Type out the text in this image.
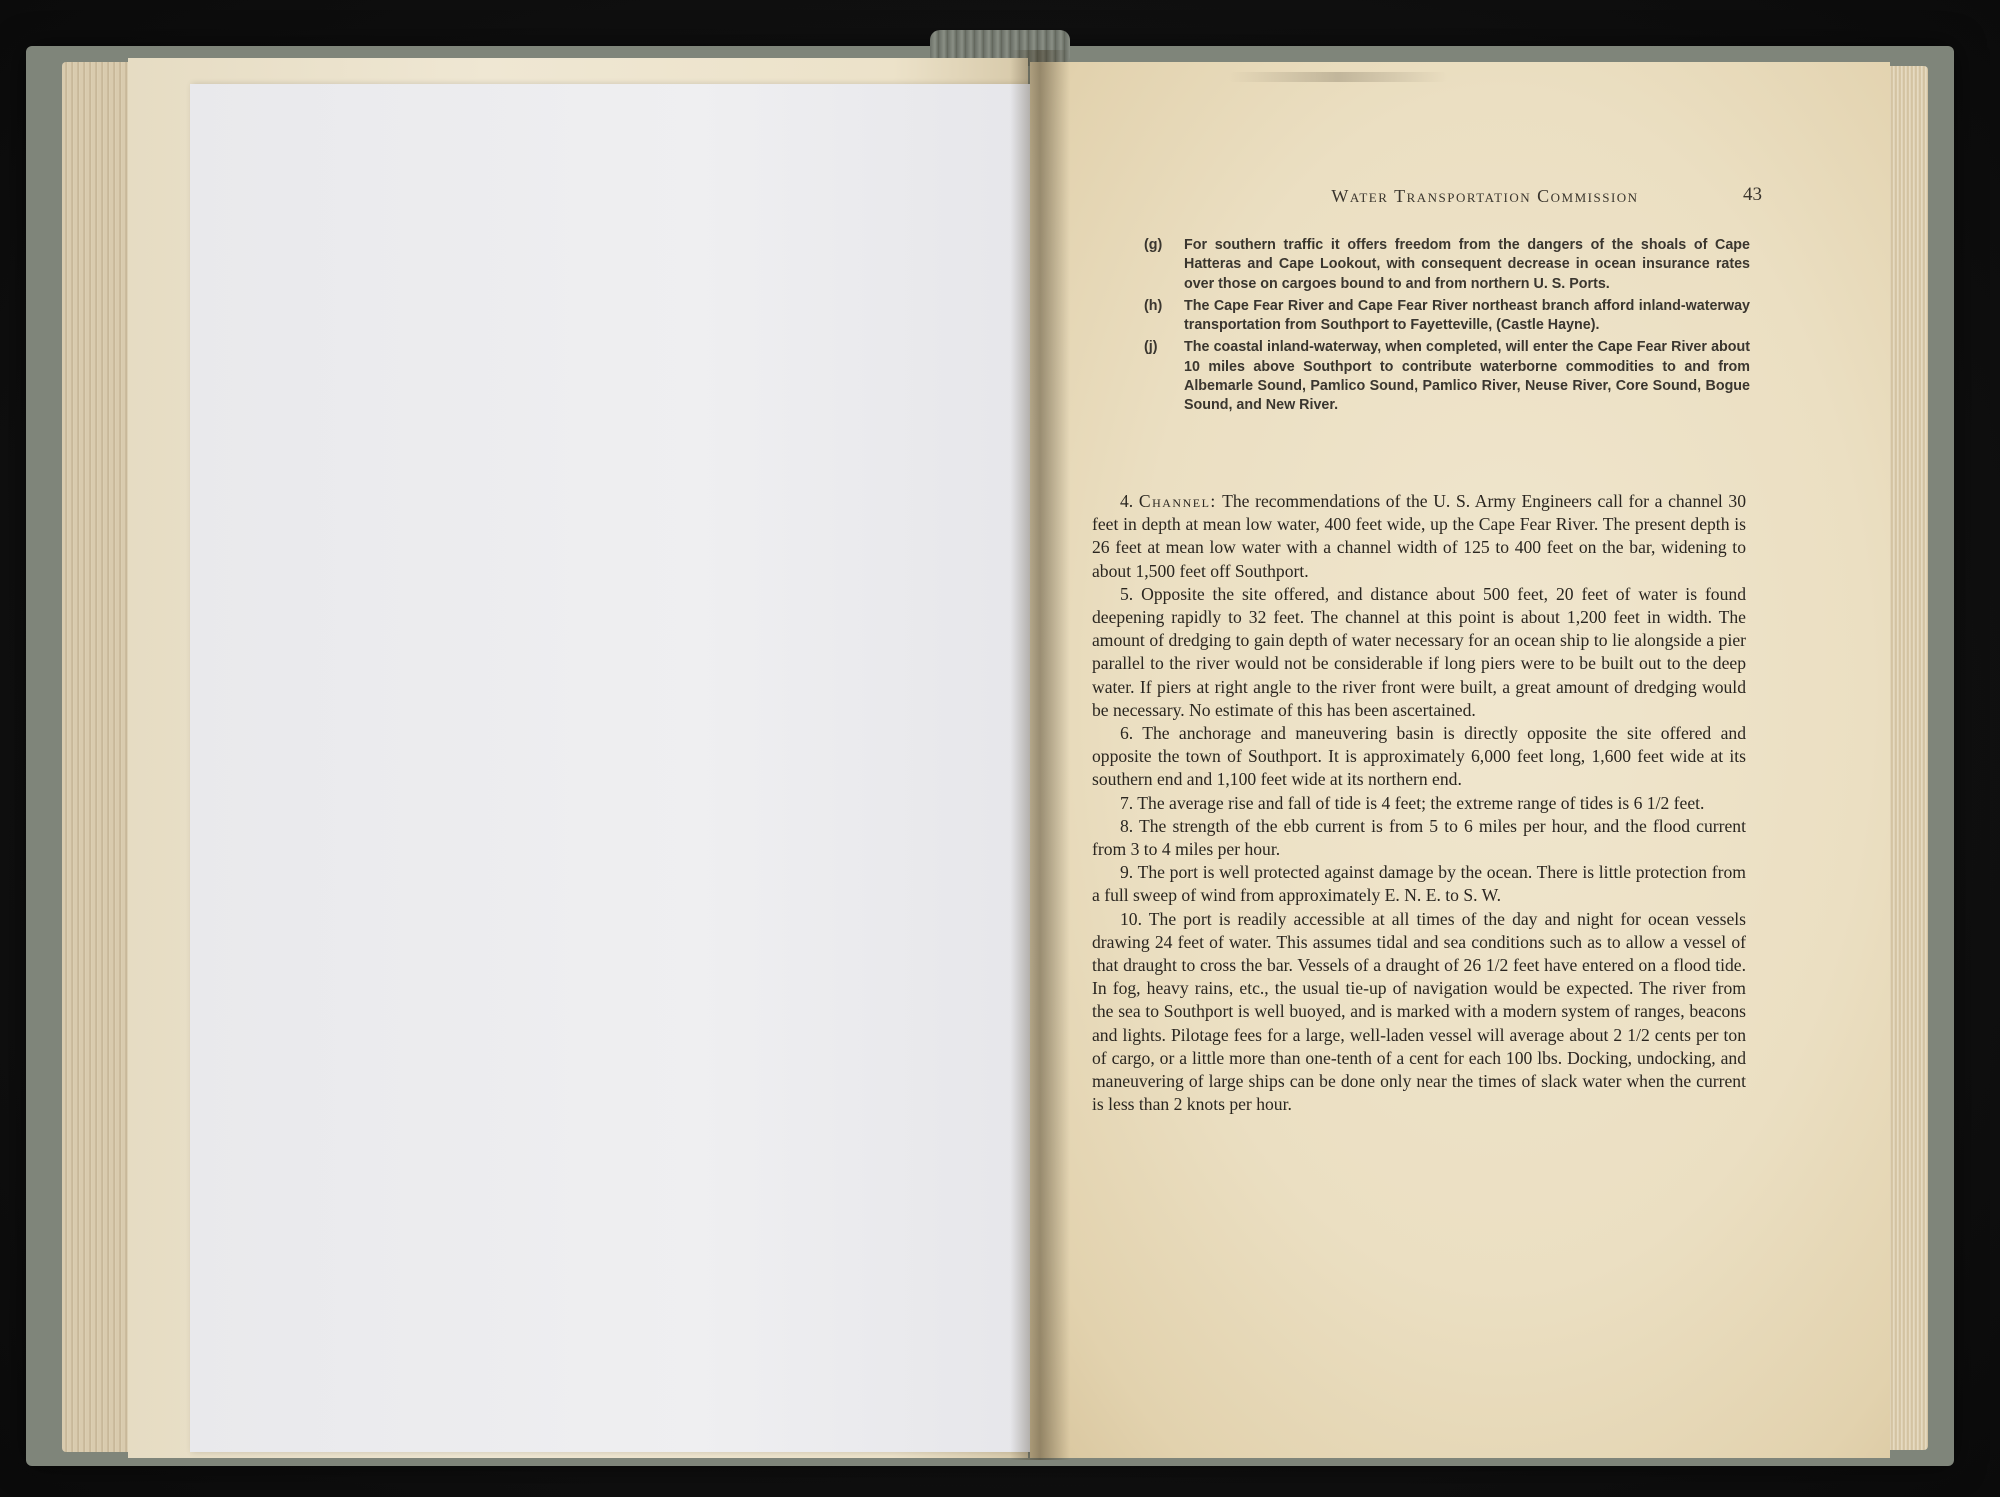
Water Transportation Commission	43
(g) For southern traffic it offers freedom from the dangers of the shoals of Cape Hatteras and Cape Lookout, with consequent decrease in ocean insurance rates over those on cargoes bound to and from northern U. S. Ports.
(h) The Cape Fear River and Cape Fear River northeast branch afford inland-waterway transportation from Southport to Fayetteville, (Castle Hayne).
(j) The coastal inland-waterway, when completed, will enter the Cape Fear River about 10 miles above Southport to contribute waterborne commodities to and from Albemarle Sound, Pamlico Sound, Pamlico River, Neuse River, Core Sound, Bogue Sound, and New River.

4. Channel: The recommendations of the U. S. Army Engineers call for a channel 30 feet in depth at mean low water, 400 feet wide, up the Cape Fear River. The present depth is 26 feet at mean low water with a channel width of 125 to 400 feet on the bar, widening to about 1,500 feet off Southport.

5. Opposite the site offered, and distance about 500 feet, 20 feet of water is found deepening rapidly to 32 feet. The channel at this point is about 1,200 feet in width. The amount of dredging to gain depth of water necessary for an ocean ship to lie alongside a pier parallel to the river would not be considerable if long piers were to be built out to the deep water. If piers at right angle to the river front were built, a great amount of dredging would be necessary. No estimate of this has been ascertained.

6. The anchorage and maneuvering basin is directly opposite the site offered and opposite the town of Southport. It is approximately 6,000 feet long, 1,600 feet wide at its southern end and 1,100 feet wide at its northern end.

7. The average rise and fall of tide is 4 feet; the extreme range of tides is 6 1/2 feet.

8. The strength of the ebb current is from 5 to 6 miles per hour, and the flood current from 3 to 4 miles per hour.

9. The port is well protected against damage by the ocean. There is little protection from a full sweep of wind from approximately E. N. E. to S. W.

10. The port is readily accessible at all times of the day and night for ocean vessels drawing 24 feet of water. This assumes tidal and sea conditions such as to allow a vessel of that draught to cross the bar. Vessels of a draught of 26 1/2 feet have entered on a flood tide. In fog, heavy rains, etc., the usual tie-up of navigation would be expected. The river from the sea to Southport is well buoyed, and is marked with a modern system of ranges, beacons and lights. Pilotage fees for a large, well-laden vessel will average about 2 1/2 cents per ton of cargo, or a little more than one-tenth of a cent for each 100 lbs. Docking, undocking, and maneuvering of large ships can be done only near the times of slack water when the current is less than 2 knots per hour.
